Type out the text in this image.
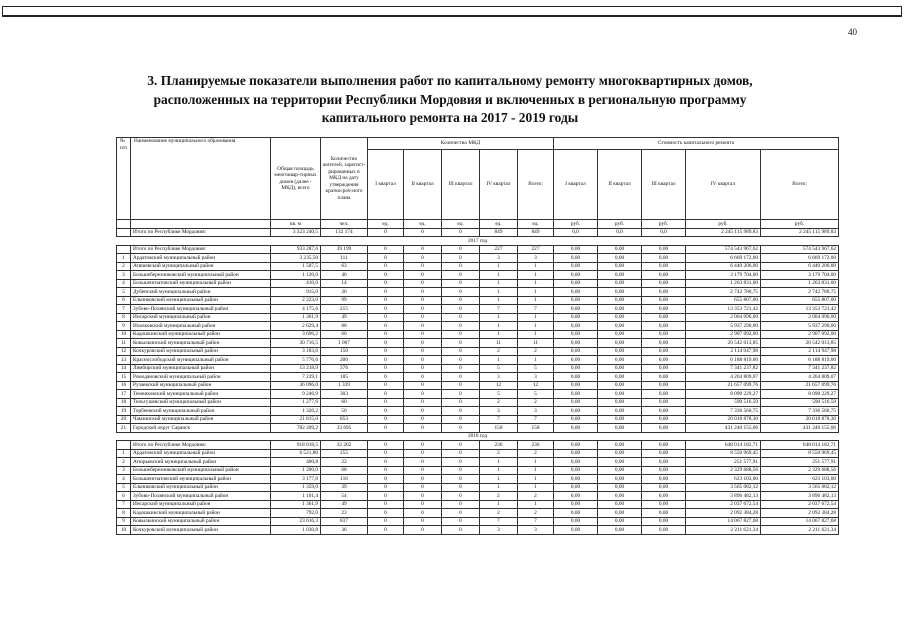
40
3. Планируемые показатели выполнения работ по капитальному ремонту многоквартирных домов, расположенных на территории Республики Мордовия и включенных в региональную программу капитального ремонта на 2017 - 2019 годы
№ п/п	Наименование муниципального образования	Общая площадь многоквар-тирных домов (далее - МКД), всего	Количество жителей, зарегист-рированных в МКД на дату утверждения краткосроч-ного плана	Количество МКД					Стоимость капитального ремонта				
				I квартал	II квартал	III квартал	IV квартал	Всего:	I квартал	II квартал	III квартал	IV квартал	Всего:
		кв. м	чел.	ед.	ед.	ед.	ед.	ед.	руб.	руб.	руб.	руб.	руб.
	Итого по Республике Мордовия:	3 323 240,5	132 174	0	0	0	849	849	0,0	0,0	0,0	2 245 115 989,83	2 245 115 989,83
2017 год													
	Итого по Республике Мордовия:	933 287,6	39 199	0	0	0	227	227	0,00	0,00	0,00	574 543 967,62	574 543 967,62
1	Ардатовский муниципальный район	3 235,50	111	0	0	0	3	3	0,00	0,00	0,00	6 669 172,00	6 669 172,00
2	Атяшевский муниципальный район	1 507,5	63	0	0	0	1	1	0,00	0,00	0,00	6 440 206,00	6 440 206,00
3	Большеберезниковский муниципальный район	1 120,0	46	0	0	0	1	1	0,00	0,00	0,00	3 179 704,00	3 179 704,00
4	Большеигнатовский муниципальный район	410,0	14	0	0	0	1	1	0,00	0,00	0,00	1 263 831,00	1 263 831,00
5	Дубенский муниципальный район	915,0	36	0	0	0	1	1	0,00	0,00	0,00	2 742 780,75	2 742 780,75
6	Ельниковский муниципальный район	2 223,0	99	0	0	0	1	1	0,00	0,00	0,00	655 807,00	655 807,00
7	Зубово-Полянский муниципальный район	4 175,6	215	0	0	0	7	7	0,00	0,00	0,00	13 353 721,42	13 353 721,42
8	Инсарский муниципальный район	1 361,9	49	0	0	0	1	1	0,00	0,00	0,00	2 004 096,00	2 004 096,00
9	Ичалковский муниципальный район	2 629,4	88	0	0	0	1	1	0,00	0,00	0,00	5 937 290,00	5 937 290,00
10	Кадошкинский муниципальный район	3 696,2	60	0	0	0	1	1	0,00	0,00	0,00	2 907 092,00	2 907 092,00
11	Ковылкинский муниципальный район	30 716,5	1 007	0	0	0	11	11	0,00	0,00	0,00	20 542 013,85	20 542 013,85
12	Кочкуровский муниципальный район	3 183,6	150	0	0	0	2	2	0,00	0,00	0,00	2 114 947,98	2 114 947,98
13	Краснослободский муниципальный район	5 776,6	200	0	0	0	1	1	0,00	0,00	0,00	6 188 819,00	6 188 819,00
14	Лямбирский муниципальный район	13 218,9	376	0	0	0	5	5	0,00	0,00	0,00	7 341 237,82	7 341 237,82
15	Ромодановский муниципальный район	7 239,1	185	0	0	0	3	3	0,00	0,00	0,00	4 264 809,07	4 264 809,07
16	Рузаевский муниципальный район	36 096,0	1 339	0	0	0	12	12	0,00	0,00	0,00	21 657 099,76	21 657 099,76
17	Темниковский муниципальный район	9 246,9	303	0	0	0	5	5	0,00	0,00	0,00	8 090 229,27	8 090 229,27
18	Теньгушевский муниципальный район	1 277,6	60	0	0	0	2	2	0,00	0,00	0,00	590 516,59	590 516,59
19	Торбеевский муниципальный район	1 326,2	50	0	0	0	3	3	0,00	0,00	0,00	7 336 560,75	7 336 560,75
20	Чамзинский муниципальный район	21 815,0	853	0	0	0	7	7	0,00	0,00	0,00	20 018 878,30	20 018 878,30
21	Городской округ Саранск	782 209,2	33 695	0	0	0	158	158	0,00	0,00	0,00	431 240 155,06	431 240 155,06
2018 год													
	Итого по Республике Мордовия:	918 018,5	32 202	0	0	0	236	236	0,00	0,00	0,00	648 014 182,71	648 014 182,71
1	Ардатовский муниципальный район	6 521,80	255	0	0	0	2	2	0,00	0,00	0,00	8 550 969,45	8 550 969,45
2	Атюрьевский муниципальный район	400,8	22	0	0	0	1	1	0,00	0,00	0,00	251 577,91	251 577,91
3	Большеберезниковский муниципальный район	1 200,0	68	0	0	0	1	1	0,00	0,00	0,00	2 329 688,56	2 329 688,56
4	Большеигнатовский муниципальный район	3 177,8	116	0	0	0	1	1	0,00	0,00	0,00	623 103,00	623 103,00
5	Ельниковский муниципальный район	1 359,0	39	0	0	0	1	1	0,00	0,00	0,00	3 565 082,12	3 565 082,12
6	Зубово-Полянский муниципальный район	1 101,4	54	0	0	0	2	2	0,00	0,00	0,00	3 896 482,13	3 896 482,13
7	Инсарский муниципальный район	1 361,9	49	0	0	0	1	1	0,00	0,00	0,00	2 037 672,54	2 037 672,54
8	Кадошкинский муниципальный район	792,0	23	0	0	0	2	2	0,00	0,00	0,00	2 092 384,28	2 092 384,28
9	Ковылкинский муниципальный район	23 616,3	837	0	0	0	7	7	0,00	0,00	0,00	14 067 827,68	14 067 827,68
10	Кочкуровский муниципальный район	1 030,8	36	0	0	0	3	3	0,00	0,00	0,00	2 211 621,34	2 211 621,34
